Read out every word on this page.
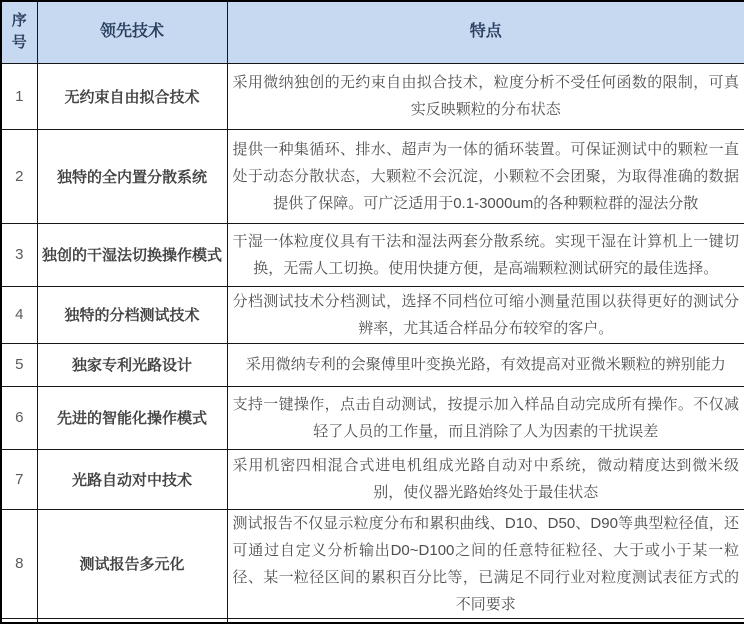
序 号	领先技术	特点
1	无约束自由拟合技术	采用微纳独创的无约束自由拟合技术，粒度分析不受任何函数的限制，可真实反映颗粒的分布状态
2	独特的全内置分散系统	提供一种集循环、排水、超声为一体的循环装置。可保证测试中的颗粒一直处于动态分散状态，大颗粒不会沉淀，小颗粒不会团聚，为取得准确的数据提供了保障。可广泛适用于0.1-3000um的各种颗粒群的湿法分散
3	独创的干湿法切换操作模式	干湿一体粒度仪具有干法和湿法两套分散系统。实现干湿在计算机上一键切换，无需人工切换。使用快捷方便，是高端颗粒测试研究的最佳选择。
4	独特的分档测试技术	分档测试技术分档测试，选择不同档位可缩小测量范围以获得更好的测试分辨率，尤其适合样品分布较窄的客户。
5	独家专利光路设计	采用微纳专利的会聚傅里叶变换光路，有效提高对亚微米颗粒的辨别能力
6	先进的智能化操作模式	支持一键操作，点击自动测试，按提示加入样品自动完成所有操作。不仅减轻了人员的工作量，而且消除了人为因素的干扰误差
7	光路自动对中技术	采用机密四相混合式进电机组成光路自动对中系统，微动精度达到微米级别，使仪器光路始终处于最佳状态
8	测试报告多元化	测试报告不仅显示粒度分布和累积曲线、D10、D50、D90等典型粒径值，还可通过自定义分析输出D0~D100之间的任意特征粒径、大于或小于某一粒径、某一粒径区间的累积百分比等，已满足不同行业对粒度测试表征方式的不同要求
